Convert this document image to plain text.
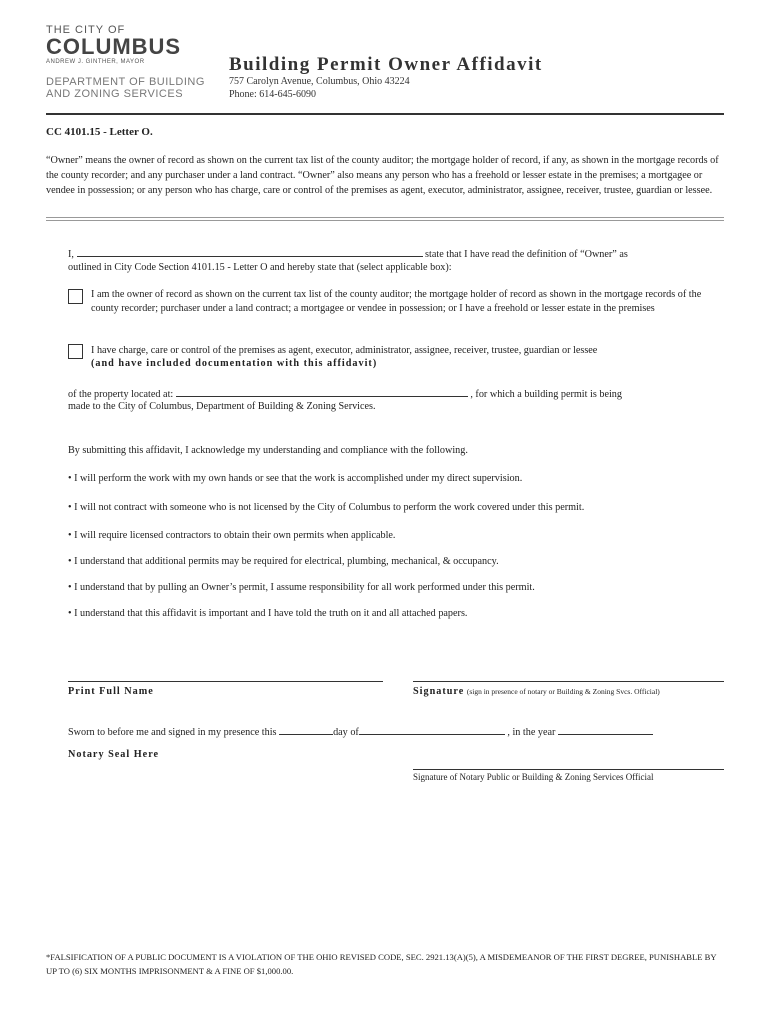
THE CITY OF
COLUMBUS
ANDREW J. GINTHER, MAYOR
DEPARTMENT OF BUILDING
AND ZONING SERVICES
Building Permit Owner Affidavit
757 Carolyn Avenue, Columbus, Ohio 43224
Phone: 614-645-6090
CC 4101.15 - Letter O.
“Owner” means the owner of record as shown on the current tax list of the county auditor; the mortgage holder of record, if any, as shown in the mortgage records of the county recorder; and any purchaser under a land contract. “Owner” also means any person who has a freehold or lesser estate in the premises; a mortgagee or vendee in possession; or any person who has charge, care or control of the premises as agent, executor, administrator, assignee, receiver, trustee, guardian or lessee.
I,	state that I have read the definition of “Owner” as
outlined in City Code Section 4101.15 - Letter O and hereby state that (select applicable box):
I am the owner of record as shown on the current tax list of the county auditor; the mortgage holder of record as shown in the mortgage records of the county recorder; purchaser under a land contract; a mortgagee or vendee in possession; or I have a freehold or lesser estate in the premises
I have charge, care or control of the premises as agent, executor, administrator, assignee, receiver, trustee, guardian or lessee
(and have included documentation with this affidavit)
of the property located at:	, for which a building permit is being
made to the City of Columbus, Department of Building & Zoning Services.
By submitting this affidavit, I acknowledge my understanding and compliance with the following.
• I will perform the work with my own hands or see that the work is accomplished under my direct supervision.
• I will not contract with someone who is not licensed by the City of Columbus to perform the work covered under this permit.
• I will require licensed contractors to obtain their own permits when applicable.
• I understand that additional permits may be required for electrical, plumbing, mechanical, & occupancy.
• I understand that by pulling an Owner’s permit, I assume responsibility for all work performed under this permit.
• I understand that this affidavit is important and I have told the truth on it and all attached papers.
Print Full Name	Signature (sign in presence of notary or Building & Zoning Svcs. Official)
Sworn to before me and signed in my presence this	day of	, in the year
Notary Seal Here
Signature of Notary Public or Building & Zoning Services Official
*FALSIFICATION OF A PUBLIC DOCUMENT IS A VIOLATION OF THE OHIO REVISED CODE, SEC. 2921.13(A)(5), A MISDEMEANOR OF THE FIRST DEGREE, PUNISHABLE BY UP TO (6) SIX MONTHS IMPRISONMENT & A FINE OF $1,000.00.
